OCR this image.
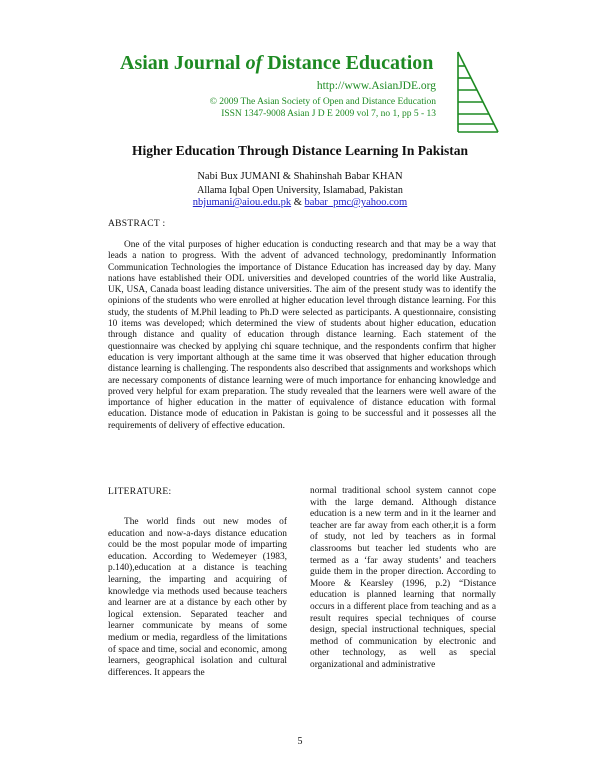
Asian Journal of Distance Education
http://www.AsianJDE.org
© 2009 The Asian Society of Open and Distance Education
ISSN 1347-9008 Asian J D E 2009 vol 7, no 1, pp 5 - 13
Higher Education Through Distance Learning In Pakistan
Nabi Bux JUMANI & Shahinshah Babar KHAN
Allama Iqbal Open University, Islamabad, Pakistan
nbjumani@aiou.edu.pk & babar_pmc@yahoo.com
ABSTRACT :

One of the vital purposes of higher education is conducting research and that may be a way that leads a nation to progress. With the advent of advanced technology, predominantly Information Communication Technologies the importance of Distance Education has increased day by day. Many nations have established their ODL universities and developed countries of the world like Australia, UK, USA, Canada boast leading distance universities. The aim of the present study was to identify the opinions of the students who were enrolled at higher education level through distance learning. For this study, the students of M.Phil leading to Ph.D were selected as participants. A questionnaire, consisting 10 items was developed; which determined the view of students about higher education, education through distance and quality of education through distance learning. Each statement of the questionnaire was checked by applying chi square technique, and the respondents confirm that higher education is very important although at the same time it was observed that higher education through distance learning is challenging. The respondents also described that assignments and workshops which are necessary components of distance learning were of much importance for enhancing knowledge and proved very helpful for exam preparation. The study revealed that the learners were well aware of the importance of higher education in the matter of equivalence of distance education with formal education. Distance mode of education in Pakistan is going to be successful and it possesses all the requirements of delivery of effective education.

LITERATURE:

The world finds out new modes of education and now-a-days distance education could be the most popular mode of imparting education. According to Wedemeyer (1983, p.140),education at a distance is teaching learning, the imparting and acquiring of knowledge via methods used because teachers and learner are at a distance by each other by logical extension. Separated teacher and learner communicate by means of some medium or media, regardless of the limitations of space and time, social and economic, among learners, geographical isolation and cultural differences. It appears the

normal traditional school system cannot cope with the large demand. Although distance education is a new term and in it the learner and teacher are far away from each other,it is a form of study, not led by teachers as in formal classrooms but teacher led students who are termed as a ‘far away students’ and teachers guide them in the proper direction. According to Moore & Kearsley (1996, p.2) “Distance education is planned learning that normally occurs in a different place from teaching and as a result requires special techniques of course design, special instructional techniques, special method of communication by electronic and other technology, as well as special organizational and administrative

5
